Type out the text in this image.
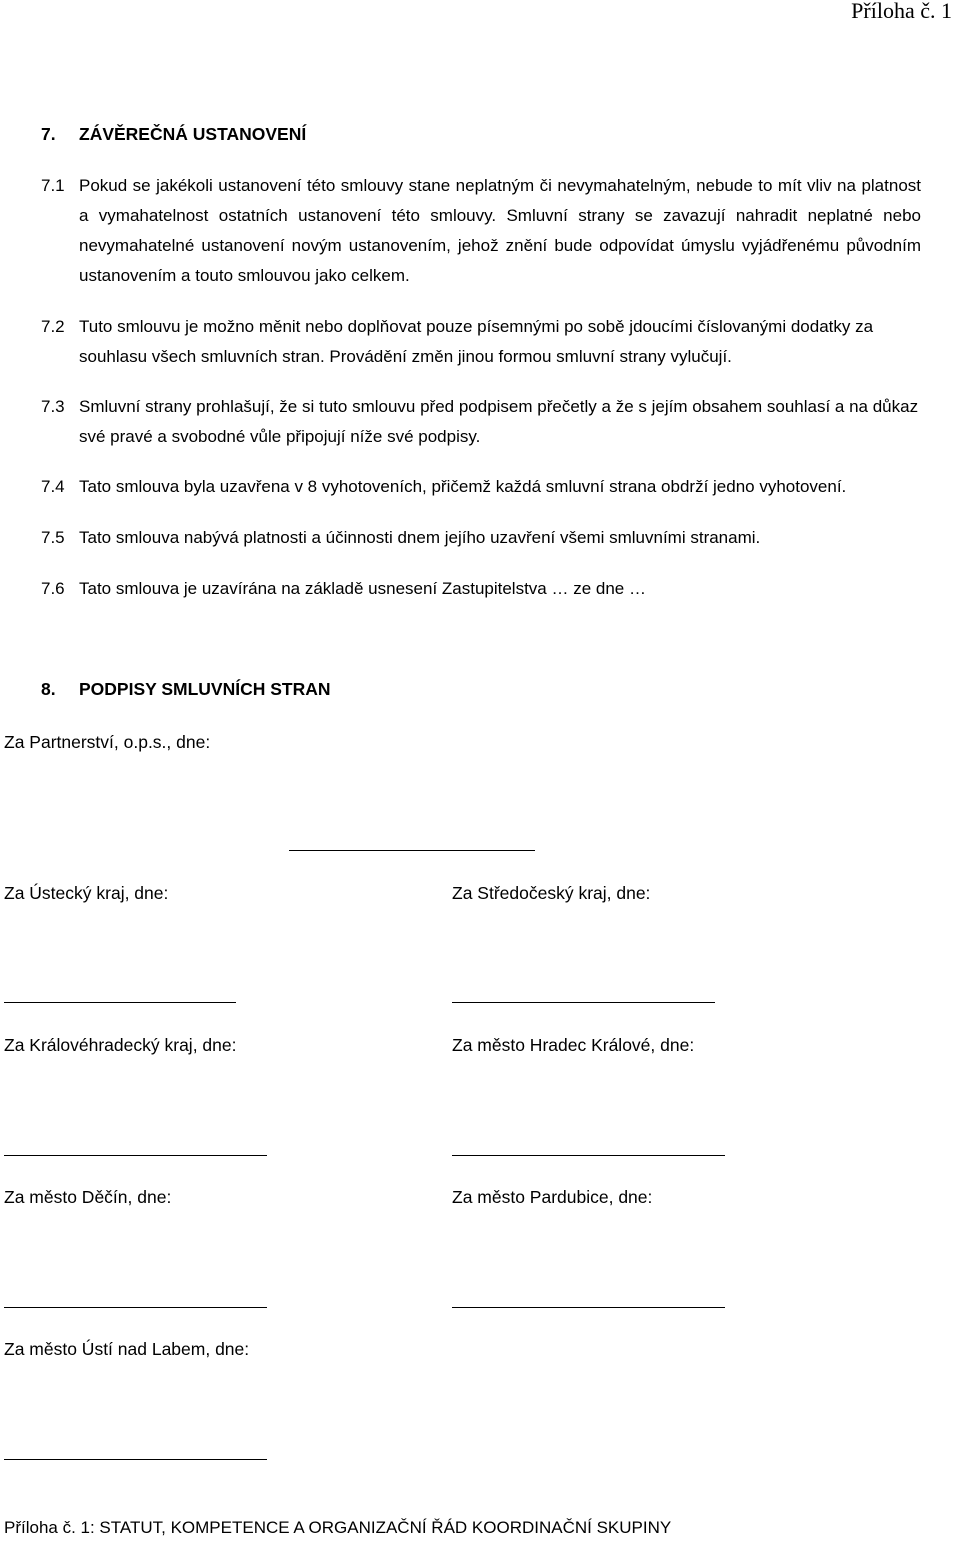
Příloha č. 1
7. ZÁVĚREČNÁ USTANOVENÍ
7.1 Pokud se jakékoli ustanovení této smlouvy stane neplatným či nevymahatelným, nebude to mít vliv na platnost a vymahatelnost ostatních ustanovení této smlouvy. Smluvní strany se zavazují nahradit neplatné nebo nevymahatelné ustanovení novým ustanovením, jehož znění bude odpovídat úmyslu vyjádřenému původním ustanovením a touto smlouvou jako celkem.
7.2 Tuto smlouvu je možno měnit nebo doplňovat pouze písemnými po sobě jdoucími číslovanými dodatky za souhlasu všech smluvních stran. Provádění změn jinou formou smluvní strany vylučují.
7.3 Smluvní strany prohlašují, že si tuto smlouvu před podpisem přečetly a že s jejím obsahem souhlasí a na důkaz své pravé a svobodné vůle připojují níže své podpisy.
7.4 Tato smlouva byla uzavřena v 8 vyhotoveních, přičemž každá smluvní strana obdrží jedno vyhotovení.
7.5 Tato smlouva nabývá platnosti a účinnosti dnem jejího uzavření všemi smluvními stranami.
7.6 Tato smlouva je uzavírána na základě usnesení Zastupitelstva … ze dne …
8. PODPISY SMLUVNÍCH STRAN
Za Partnerství, o.p.s., dne:
Za Ústecký kraj, dne:	Za Středočeský kraj, dne:
Za Královéhradecký kraj, dne:	Za město Hradec Králové, dne:
Za město Děčín, dne:	Za město Pardubice, dne:
Za město Ústí nad Labem, dne:
Příloha č. 1: STATUT, KOMPETENCE A ORGANIZAČNÍ ŘÁD KOORDINAČNÍ SKUPINY
